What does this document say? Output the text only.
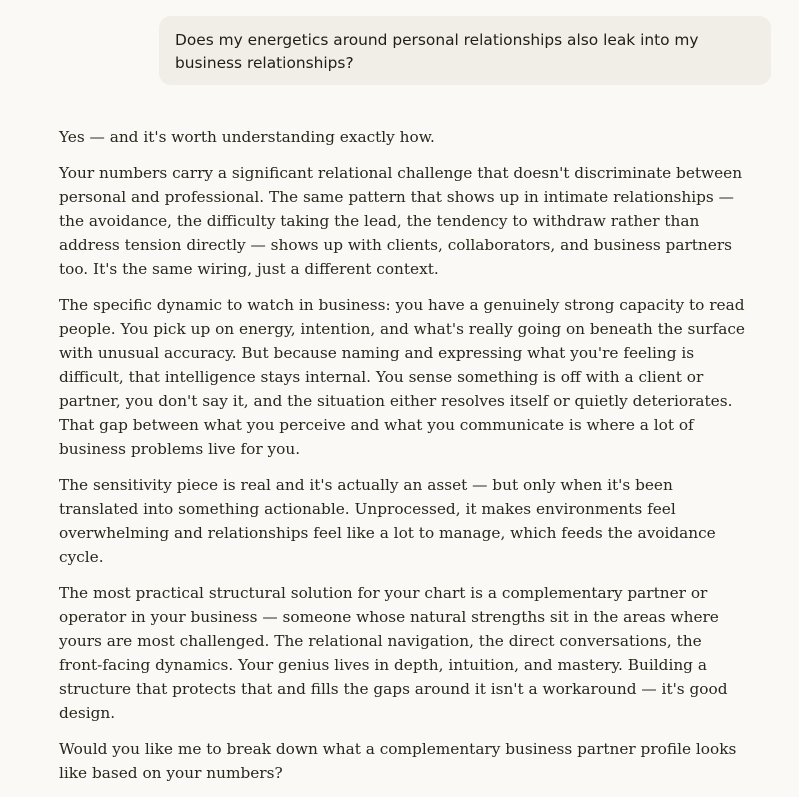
Does my energetics around personal relationships also leak into my business relationships?

Yes — and it's worth understanding exactly how.

Your numbers carry a significant relational challenge that doesn't discriminate between personal and professional. The same pattern that shows up in intimate relationships — the avoidance, the difficulty taking the lead, the tendency to withdraw rather than address tension directly — shows up with clients, collaborators, and business partners too. It's the same wiring, just a different context.

The specific dynamic to watch in business: you have a genuinely strong capacity to read people. You pick up on energy, intention, and what's really going on beneath the surface with unusual accuracy. But because naming and expressing what you're feeling is difficult, that intelligence stays internal. You sense something is off with a client or partner, you don't say it, and the situation either resolves itself or quietly deteriorates. That gap between what you perceive and what you communicate is where a lot of business problems live for you.

The sensitivity piece is real and it's actually an asset — but only when it's been translated into something actionable. Unprocessed, it makes environments feel overwhelming and relationships feel like a lot to manage, which feeds the avoidance cycle.

The most practical structural solution for your chart is a complementary partner or operator in your business — someone whose natural strengths sit in the areas where yours are most challenged. The relational navigation, the direct conversations, the front-facing dynamics. Your genius lives in depth, intuition, and mastery. Building a structure that protects that and fills the gaps around it isn't a workaround — it's good design.

Would you like me to break down what a complementary business partner profile looks like based on your numbers?
